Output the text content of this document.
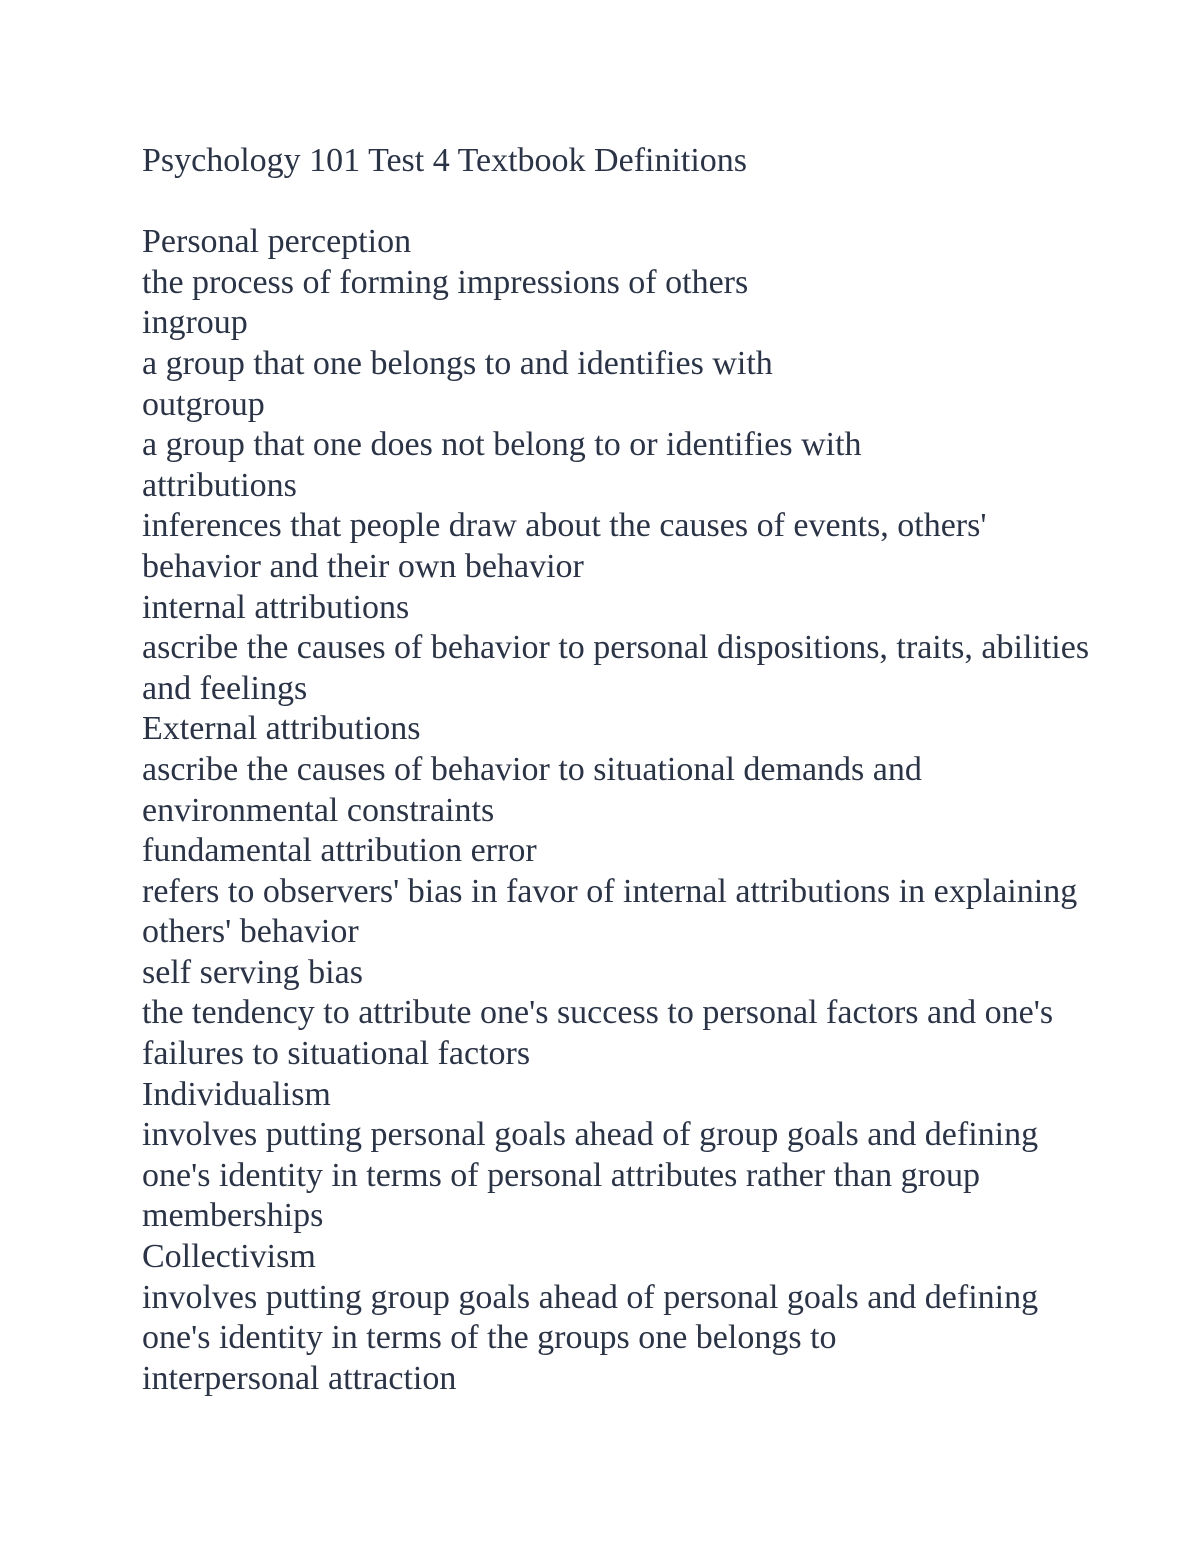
Psychology 101 Test 4 Textbook Definitions
Personal perception
the process of forming impressions of others
ingroup
a group that one belongs to and identifies with
outgroup
a group that one does not belong to or identifies with
attributions
inferences that people draw about the causes of events, others' behavior and their own behavior
internal attributions
ascribe the causes of behavior to personal dispositions, traits, abilities and feelings
External attributions
ascribe the causes of behavior to situational demands and environmental constraints
fundamental attribution error
refers to observers' bias in favor of internal attributions in explaining others' behavior
self serving bias
the tendency to attribute one's success to personal factors and one's failures to situational factors
Individualism
involves putting personal goals ahead of group goals and defining one's identity in terms of personal attributes rather than group memberships
Collectivism
involves putting group goals ahead of personal goals and defining one's identity in terms of the groups one belongs to
interpersonal attraction
